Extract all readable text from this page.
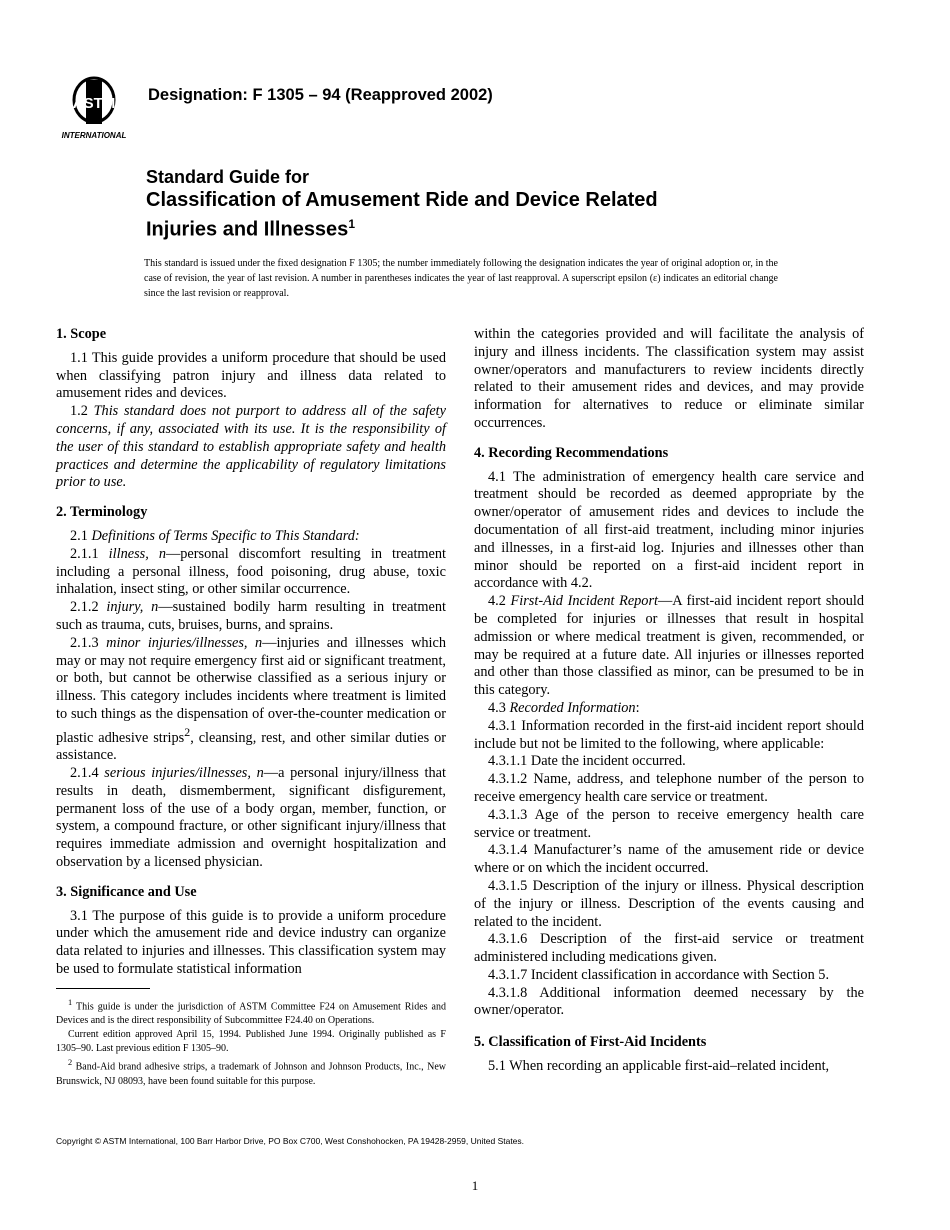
ASTM
INTERNATIONAL
Designation: F 1305 – 94 (Reapproved 2002)
Standard Guide for
Classification of Amusement Ride and Device Related
Injuries and Illnesses$^1$
This standard is issued under the fixed designation F 1305; the number immediately following the designation indicates the year of original adoption or, in the case of revision, the year of last revision. A number in parentheses indicates the year of last reapproval. A superscript epsilon (ε) indicates an editorial change since the last revision or reapproval.
1. Scope

1.1 This guide provides a uniform procedure that should be used when classifying patron injury and illness data related to amusement rides and devices.

1.2 This standard does not purport to address all of the safety concerns, if any, associated with its use. It is the responsibility of the user of this standard to establish appropriate safety and health practices and determine the applicability of regulatory limitations prior to use.

2. Terminology

2.1 Definitions of Terms Specific to This Standard:

2.1.1 illness, n—personal discomfort resulting in treatment including a personal illness, food poisoning, drug abuse, toxic inhalation, insect sting, or other similar occurrence.

2.1.2 injury, n—sustained bodily harm resulting in treatment such as trauma, cuts, bruises, burns, and sprains.

2.1.3 minor injuries/illnesses, n—injuries and illnesses which may or may not require emergency first aid or significant treatment, or both, but cannot be otherwise classified as a serious injury or illness. This category includes incidents where treatment is limited to such things as the dispensation of over-the-counter medication or plastic adhesive strips$^2$, cleansing, rest, and other similar duties or assistance.

2.1.4 serious injuries/illnesses, n—a personal injury/illness that results in death, dismemberment, significant disfigurement, permanent loss of the use of a body organ, member, function, or system, a compound fracture, or other significant injury/illness that requires immediate admission and overnight hospitalization and observation by a licensed physician.

3. Significance and Use

3.1 The purpose of this guide is to provide a uniform procedure under which the amusement ride and device industry can organize data related to injuries and illnesses. This classification system may be used to formulate statistical information

within the categories provided and will facilitate the analysis of injury and illness incidents. The classification system may assist owner/operators and manufacturers to review incidents directly related to their amusement rides and devices, and may provide information for alternatives to reduce or eliminate similar occurrences.

4. Recording Recommendations

4.1 The administration of emergency health care service and treatment should be recorded as deemed appropriate by the owner/operator of amusement rides and devices to include the documentation of all first-aid treatment, including minor injuries and illnesses, in a first-aid log. Injuries and illnesses other than minor should be reported on a first-aid incident report in accordance with 4.2.

4.2 First-Aid Incident Report—A first-aid incident report should be completed for injuries or illnesses that result in hospital admission or where medical treatment is given, recommended, or may be required at a future date. All injuries or illnesses reported and other than those classified as minor, can be presumed to be in this category.

4.3 Recorded Information:

4.3.1 Information recorded in the first-aid incident report should include but not be limited to the following, where applicable:

4.3.1.1 Date the incident occurred.

4.3.1.2 Name, address, and telephone number of the person to receive emergency health care service or treatment.

4.3.1.3 Age of the person to receive emergency health care service or treatment.

4.3.1.4 Manufacturer’s name of the amusement ride or device where or on which the incident occurred.

4.3.1.5 Description of the injury or illness. Physical description of the injury or illness. Description of the events causing and related to the incident.

4.3.1.6 Description of the first-aid service or treatment administered including medications given.

4.3.1.7 Incident classification in accordance with Section 5.

4.3.1.8 Additional information deemed necessary by the owner/operator.

5. Classification of First-Aid Incidents

5.1 When recording an applicable first-aid–related incident,

$^1$ This guide is under the jurisdiction of ASTM Committee F24 on Amusement Rides and Devices and is the direct responsibility of Subcommittee F24.40 on Operations.

Current edition approved April 15, 1994. Published June 1994. Originally published as F 1305–90. Last previous edition F 1305–90.

$^2$ Band-Aid brand adhesive strips, a trademark of Johnson and Johnson Products, Inc., New Brunswick, NJ 08093, have been found suitable for this purpose.

Copyright © ASTM International, 100 Barr Harbor Drive, PO Box C700, West Conshohocken, PA 19428-2959, United States.
1
